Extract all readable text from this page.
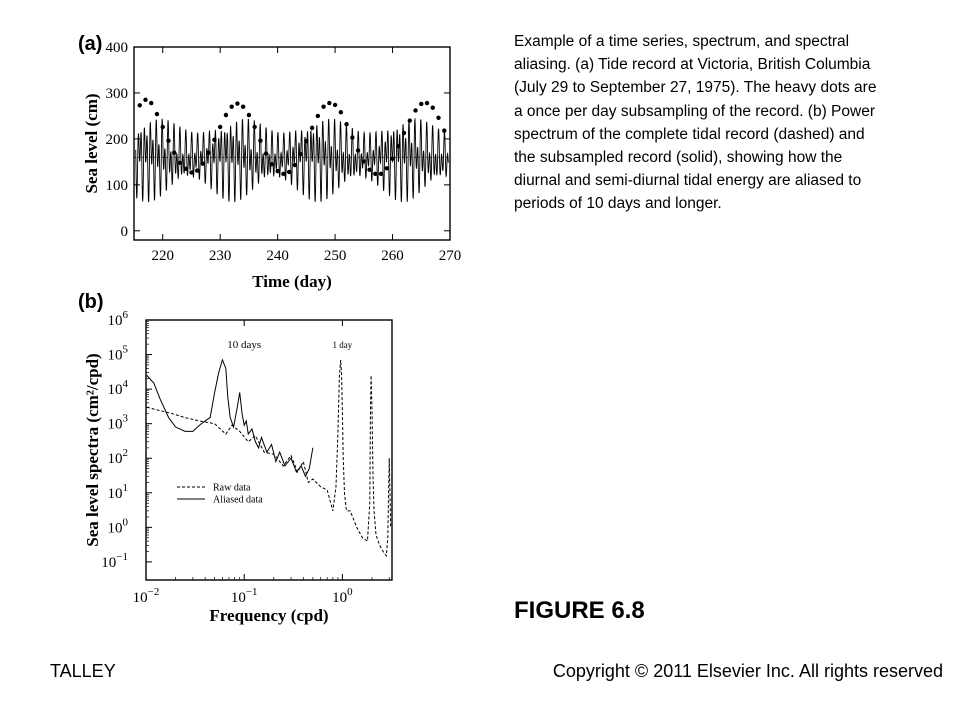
(a)
(b)
220 230 240 250 260 270
0
100
200
300
400
Time (day)
Sea level (cm)
$10^{-1}$
$10^0$
$10^1$
$10^2$
$10^3$
$10^4$
$10^5$
$10^6$
$10^{-2}$	$10^{-1}$	$10^0$
Frequency (cpd)
Sea level spectra (cm²/cpd)
10 days	1 day
Raw data
Aliased data
Example of a time series, spectrum, and spectral aliasing. (a) Tide record at Victoria, British Columbia (July 29 to September 27, 1975). The heavy dots are a once per day subsampling of the record. (b) Power spectrum of the complete tidal record (dashed) and the subsampled record (solid), showing how the diurnal and semi-diurnal tidal energy are aliased to periods of 10 days and longer.
FIGURE 6.8
TALLEY	Copyright © 2011 Elsevier Inc. All rights reserved
